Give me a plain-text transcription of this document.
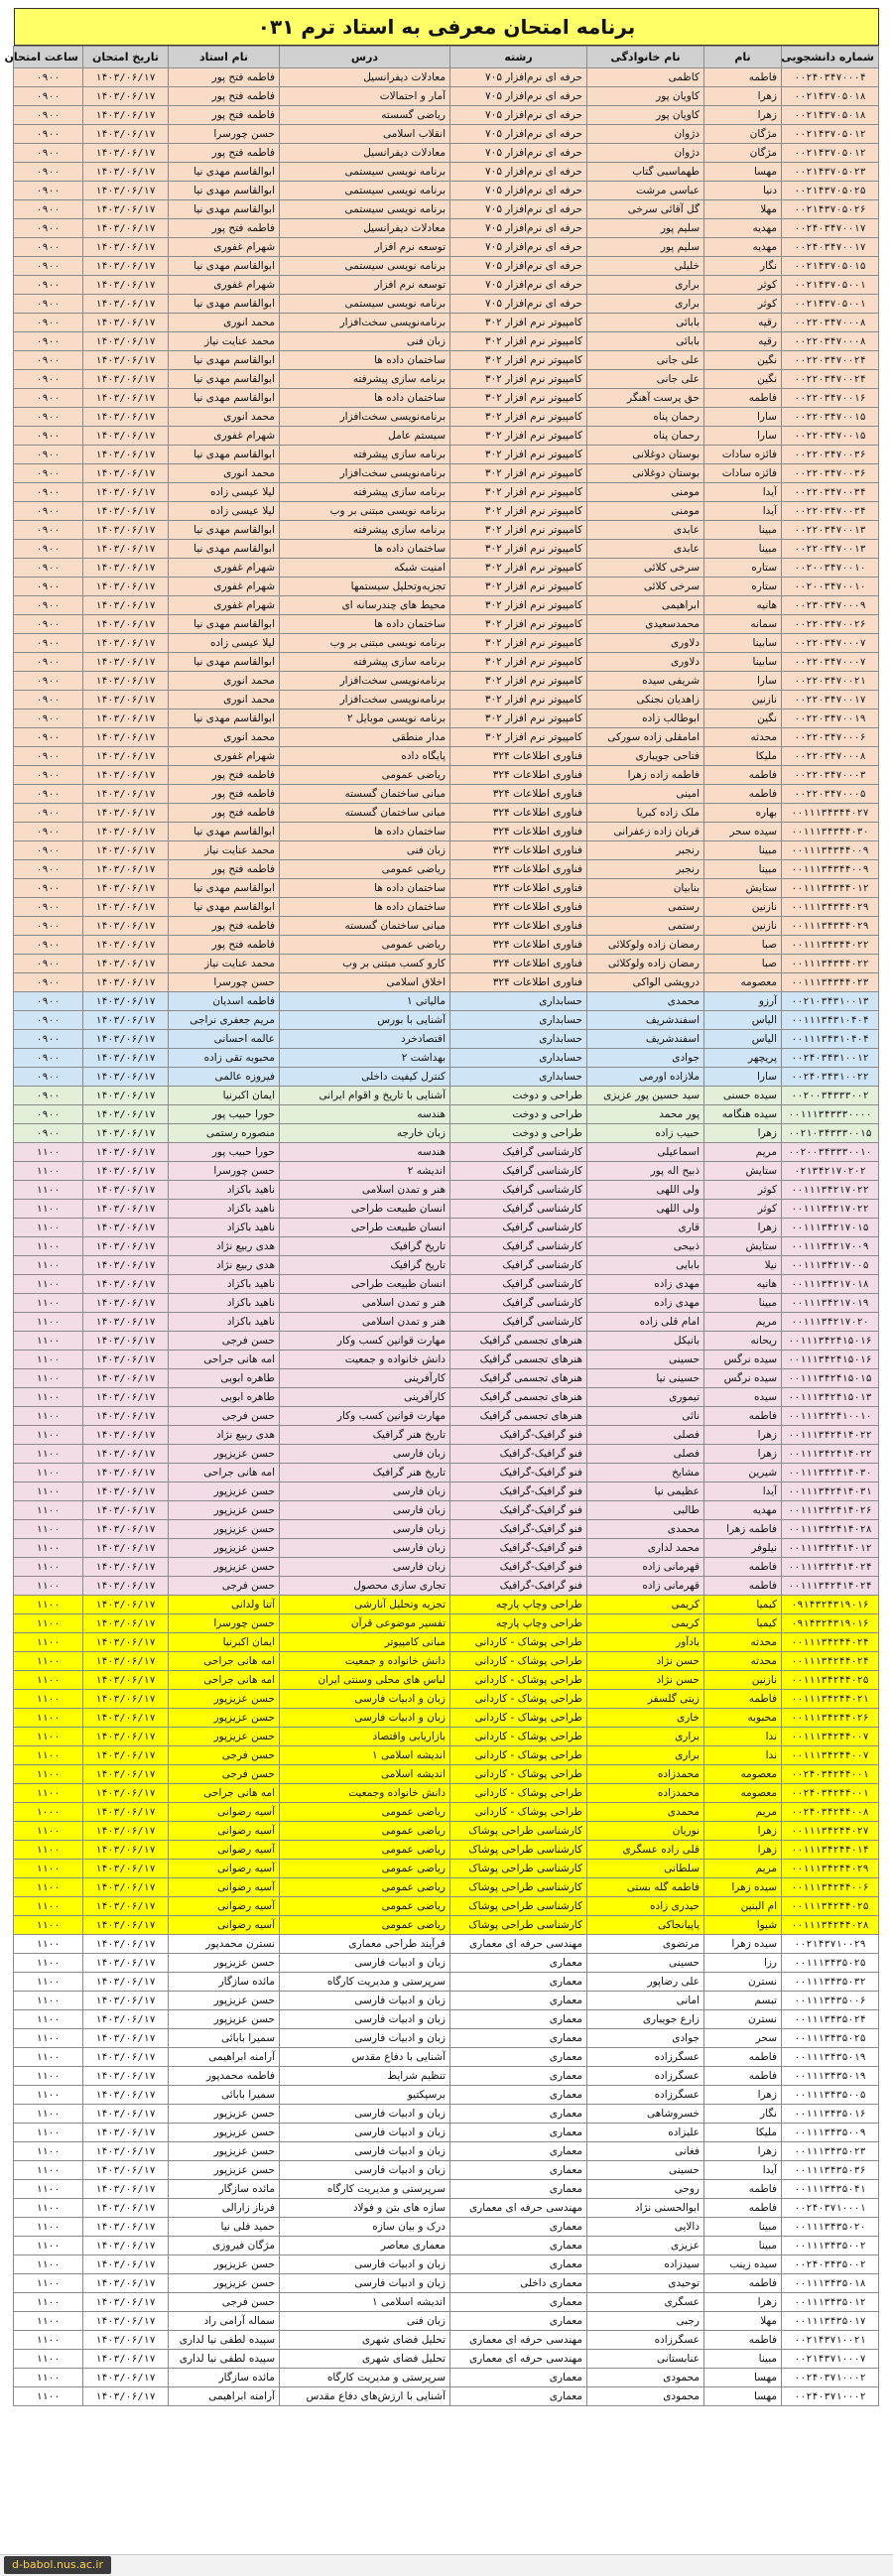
برنامه امتحان معرفی به استاد ترم ۰۳۱
شماره دانشجویی	نام	نام خانوادگی	رشته	درس	نام استاد	تاریخ امتحان	ساعت امتحان
۰۰۲۴۰۳۴۷۰۰۰۴	فاطمه	کاظمی	حرفه ای نرم‌افزار ۷۰۵	معادلات دیفرانسیل	فاطمه فتح پور	۱۴۰۳/۰۶/۱۷	۰۹۰۰
۰۰۲۱۴۳۷۰۵۰۱۸	زهرا	کاویان پور	حرفه ای نرم‌افزار ۷۰۵	آمار و احتمالات	فاطمه فتح پور	۱۴۰۳/۰۶/۱۷	۰۹۰۰
۰۰۲۱۴۳۷۰۵۰۱۸	زهرا	کاویان پور	حرفه ای نرم‌افزار ۷۰۵	ریاضی گسسته	فاطمه فتح پور	۱۴۰۳/۰۶/۱۷	۰۹۰۰
۰۰۲۱۴۳۷۰۵۰۱۲	مژگان	دژوان	حرفه ای نرم‌افزار ۷۰۵	انقلاب اسلامی	حسن چورسرا	۱۴۰۳/۰۶/۱۷	۰۹۰۰
۰۰۲۱۴۳۷۰۵۰۱۲	مژگان	دژوان	حرفه ای نرم‌افزار ۷۰۵	معادلات دیفرانسیل	فاطمه فتح پور	۱۴۰۳/۰۶/۱۷	۰۹۰۰
۰۰۲۱۴۳۷۰۵۰۲۳	مهسا	طهماسبی گتاب	حرفه ای نرم‌افزار ۷۰۵	برنامه نویسی سیستمی	ابوالقاسم مهدی نیا	۱۴۰۳/۰۶/۱۷	۰۹۰۰
۰۰۲۱۴۳۷۰۵۰۲۵	دنیا	عباسی مرشت	حرفه ای نرم‌افزار ۷۰۵	برنامه نویسی سیستمی	ابوالقاسم مهدی نیا	۱۴۰۳/۰۶/۱۷	۰۹۰۰
۰۰۲۱۴۳۷۰۵۰۲۶	مهلا	گل آقائی سرخی	حرفه ای نرم‌افزار ۷۰۵	برنامه نویسی سیستمی	ابوالقاسم مهدی نیا	۱۴۰۳/۰۶/۱۷	۰۹۰۰
۰۰۲۴۰۳۴۷۰۰۱۷	مهدیه	سلیم پور	حرفه ای نرم‌افزار ۷۰۵	معادلات دیفرانسیل	فاطمه فتح پور	۱۴۰۳/۰۶/۱۷	۰۹۰۰
۰۰۲۴۰۳۴۷۰۰۱۷	مهدیه	سلیم پور	حرفه ای نرم‌افزار ۷۰۵	توسعه نرم افزار	شهرام غفوری	۱۴۰۳/۰۶/۱۷	۰۹۰۰
۰۰۲۱۴۳۷۰۵۰۱۵	نگار	خلیلی	حرفه ای نرم‌افزار ۷۰۵	برنامه نویسی سیستمی	ابوالقاسم مهدی نیا	۱۴۰۳/۰۶/۱۷	۰۹۰۰
۰۰۲۱۴۳۷۰۵۰۰۱	کوثر	براری	حرفه ای نرم‌افزار ۷۰۵	توسعه نرم افزار	شهرام غفوری	۱۴۰۳/۰۶/۱۷	۰۹۰۰
۰۰۲۱۴۳۷۰۵۰۰۱	کوثر	براری	حرفه ای نرم‌افزار ۷۰۵	برنامه نویسی سیستمی	ابوالقاسم مهدی نیا	۱۴۰۳/۰۶/۱۷	۰۹۰۰
۰۰۲۲۰۳۴۷۰۰۰۸	رقیه	بابائی	کامپیوتر نرم افزار ۳۰۲	برنامه‌نویسی سخت‌افزار	محمد انوری	۱۴۰۳/۰۶/۱۷	۰۹۰۰
۰۰۲۲۰۳۴۷۰۰۰۸	رقیه	بابائی	کامپیوتر نرم افزار ۳۰۲	زبان فنی	محمد عنایت نیاز	۱۴۰۳/۰۶/۱۷	۰۹۰۰
۰۰۲۲۰۳۴۷۰۰۲۴	نگین	علی جانی	کامپیوتر نرم افزار ۳۰۲	ساختمان داده ها	ابوالقاسم مهدی نیا	۱۴۰۳/۰۶/۱۷	۰۹۰۰
۰۰۲۲۰۳۴۷۰۰۲۴	نگین	علی جانی	کامپیوتر نرم افزار ۳۰۲	برنامه سازی پیشرفته	ابوالقاسم مهدی نیا	۱۴۰۳/۰۶/۱۷	۰۹۰۰
۰۰۲۲۰۳۴۷۰۰۱۶	فاطمه	حق پرست آهنگر	کامپیوتر نرم افزار ۳۰۲	ساختمان داده ها	ابوالقاسم مهدی نیا	۱۴۰۳/۰۶/۱۷	۰۹۰۰
۰۰۲۲۰۳۴۷۰۰۱۵	سارا	رحمان پناه	کامپیوتر نرم افزار ۳۰۲	برنامه‌نویسی سخت‌افزار	محمد انوری	۱۴۰۳/۰۶/۱۷	۰۹۰۰
۰۰۲۲۰۳۴۷۰۰۱۵	سارا	رحمان پناه	کامپیوتر نرم افزار ۳۰۲	سیستم عامل	شهرام غفوری	۱۴۰۳/۰۶/۱۷	۰۹۰۰
۰۰۲۲۰۳۴۷۰۰۳۶	فائزه سادات	بوستان دوغلانی	کامپیوتر نرم افزار ۳۰۲	برنامه سازی پیشرفته	ابوالقاسم مهدی نیا	۱۴۰۳/۰۶/۱۷	۰۹۰۰
۰۰۲۲۰۳۴۷۰۰۳۶	فائزه سادات	بوستان دوغلانی	کامپیوتر نرم افزار ۳۰۲	برنامه‌نویسی سخت‌افزار	محمد انوری	۱۴۰۳/۰۶/۱۷	۰۹۰۰
۰۰۲۲۰۳۴۷۰۰۳۴	آیدا	مومنی	کامپیوتر نرم افزار ۳۰۲	برنامه سازی پیشرفته	لیلا عیسی زاده	۱۴۰۳/۰۶/۱۷	۰۹۰۰
۰۰۲۲۰۳۴۷۰۰۳۴	آیدا	مومنی	کامپیوتر نرم افزار ۳۰۲	برنامه نویسی مبتنی بر وب	لیلا عیسی زاده	۱۴۰۳/۰۶/۱۷	۰۹۰۰
۰۰۲۲۰۳۴۷۰۰۱۳	مبینا	عابدی	کامپیوتر نرم افزار ۳۰۲	برنامه سازی پیشرفته	ابوالقاسم مهدی نیا	۱۴۰۳/۰۶/۱۷	۰۹۰۰
۰۰۲۲۰۳۴۷۰۰۱۳	مبینا	عابدی	کامپیوتر نرم افزار ۳۰۲	ساختمان داده ها	ابوالقاسم مهدی نیا	۱۴۰۳/۰۶/۱۷	۰۹۰۰
۰۰۲۰۰۳۴۷۰۰۱۰	ستاره	سرخی کلائی	کامپیوتر نرم افزار ۳۰۲	امنیت شبکه	شهرام غفوری	۱۴۰۳/۰۶/۱۷	۰۹۰۰
۰۰۲۰۰۳۴۷۰۰۱۰	ستاره	سرخی کلائی	کامپیوتر نرم افزار ۳۰۲	تجزیه‌وتحلیل سیستمها	شهرام غفوری	۱۴۰۳/۰۶/۱۷	۰۹۰۰
۰۰۲۳۰۳۴۷۰۰۰۹	هانیه	ابراهیمی	کامپیوتر نرم افزار ۳۰۲	محیط های چندرسانه ای	شهرام غفوری	۱۴۰۳/۰۶/۱۷	۰۹۰۰
۰۰۲۲۰۳۴۷۰۰۲۶	سمانه	محمدسعیدی	کامپیوتر نرم افزار ۳۰۲	ساختمان داده ها	ابوالقاسم مهدی نیا	۱۴۰۳/۰۶/۱۷	۰۹۰۰
۰۰۲۲۰۳۴۷۰۰۰۷	سابینا	دلاوری	کامپیوتر نرم افزار ۳۰۲	برنامه نویسی مبتنی بر وب	لیلا عیسی زاده	۱۴۰۳/۰۶/۱۷	۰۹۰۰
۰۰۲۲۰۳۴۷۰۰۰۷	سابینا	دلاوری	کامپیوتر نرم افزار ۳۰۲	برنامه سازی پیشرفته	ابوالقاسم مهدی نیا	۱۴۰۳/۰۶/۱۷	۰۹۰۰
۰۰۲۲۰۳۴۷۰۰۲۱	سارا	شریفی سیده	کامپیوتر نرم افزار ۳۰۲	برنامه‌نویسی سخت‌افزار	محمد انوری	۱۴۰۳/۰۶/۱۷	۰۹۰۰
۰۰۲۲۰۳۴۷۰۰۱۷	نازنین	زاهدیان نجنکی	کامپیوتر نرم افزار ۳۰۲	برنامه‌نویسی سخت‌افزار	محمد انوری	۱۴۰۳/۰۶/۱۷	۰۹۰۰
۰۰۲۲۰۳۴۷۰۰۱۹	نگین	ابوطالب زاده	کامپیوتر نرم افزار ۳۰۲	برنامه نویسی موبایل ۲	ابوالقاسم مهدی نیا	۱۴۰۳/۰۶/۱۷	۰۹۰۰
۰۰۲۲۰۳۴۷۰۰۰۶	محدثه	امامقلی زاده سورکی	کامپیوتر نرم افزار ۳۰۲	مدار منطقی	محمد انوری	۱۴۰۳/۰۶/۱۷	۰۹۰۰
۰۰۲۲۰۳۴۷۰۰۰۸	ملیکا	فتاحی جویباری	فناوری اطلاعات ۳۲۴	پایگاه داده	شهرام غفوری	۱۴۰۳/۰۶/۱۷	۰۹۰۰
۰۰۲۲۰۳۴۷۰۰۰۳	فاطمه	فاطمه زاده زهرا	فناوری اطلاعات ۳۲۴	ریاضی عمومی	فاطمه فتح پور	۱۴۰۳/۰۶/۱۷	۰۹۰۰
۰۰۲۲۰۳۴۷۰۰۰۵	فاطمه	امینی	فناوری اطلاعات ۳۲۴	مبانی ساختمان گسسته	فاطمه فتح پور	۱۴۰۳/۰۶/۱۷	۰۹۰۰
۰۰۱۱۱۳۴۳۴۴۰۲۷	بهاره	ملک زاده کبریا	فناوری اطلاعات ۳۲۴	مبانی ساختمان گسسته	فاطمه فتح پور	۱۴۰۳/۰۶/۱۷	۰۹۰۰
۰۰۱۱۱۳۴۳۴۴۰۳۰	سیده سحر	قربان زاده زعفرانی	فناوری اطلاعات ۳۲۴	ساختمان داده ها	ابوالقاسم مهدی نیا	۱۴۰۳/۰۶/۱۷	۰۹۰۰
۰۰۱۱۱۳۴۳۴۴۰۰۹	مبینا	رنجبر	فناوری اطلاعات ۳۲۴	زبان فنی	محمد عنایت نیاز	۱۴۰۳/۰۶/۱۷	۰۹۰۰
۰۰۱۱۱۳۴۳۴۴۰۰۹	مبینا	رنجبر	فناوری اطلاعات ۳۲۴	ریاضی عمومی	فاطمه فتح پور	۱۴۰۳/۰۶/۱۷	۰۹۰۰
۰۰۱۱۱۳۴۳۴۴۰۱۲	ستایش	بنابیان	فناوری اطلاعات ۳۲۴	ساختمان داده ها	ابوالقاسم مهدی نیا	۱۴۰۳/۰۶/۱۷	۰۹۰۰
۰۰۱۱۱۳۴۳۴۴۰۲۹	نازنین	رستمی	فناوری اطلاعات ۳۲۴	ساختمان داده ها	ابوالقاسم مهدی نیا	۱۴۰۳/۰۶/۱۷	۰۹۰۰
۰۰۱۱۱۳۴۳۴۴۰۲۹	نازنین	رستمی	فناوری اطلاعات ۳۲۴	مبانی ساختمان گسسته	فاطمه فتح پور	۱۴۰۳/۰۶/۱۷	۰۹۰۰
۰۰۱۱۱۳۴۳۴۴۰۲۲	صبا	رمضان زاده ولوکلائی	فناوری اطلاعات ۳۲۴	ریاضی عمومی	فاطمه فتح پور	۱۴۰۳/۰۶/۱۷	۰۹۰۰
۰۰۱۱۱۳۴۳۴۴۰۲۲	صبا	رمضان زاده ولوکلائی	فناوری اطلاعات ۳۲۴	کارو کسب مبتنی بر وب	محمد عنایت نیاز	۱۴۰۳/۰۶/۱۷	۰۹۰۰
۰۰۱۱۱۳۴۳۴۴۰۲۳	معصومه	درویشی الواکی	فناوری اطلاعات ۳۲۴	اخلاق اسلامی	حسن چورسرا	۱۴۰۳/۰۶/۱۷	۰۹۰۰
۰۰۲۱۰۳۴۳۱۰۰۱۳	آرزو	محمدی	حسابداری	مالیاتی ۱	فاطمه اسدیان	۱۴۰۳/۰۶/۱۷	۰۹۰۰
۰۰۱۱۱۳۴۳۱۰۴۰۴	الیاس	اسفندشریف	حسابداری	آشنایی با بورس	مریم جعفری نراجی	۱۴۰۳/۰۶/۱۷	۰۹۰۰
۰۰۱۱۱۳۴۳۱۰۴۰۴	الیاس	اسفندشریف	حسابداری	اقتصادخرد	عالمه احسانی	۱۴۰۳/۰۶/۱۷	۰۹۰۰
۰۰۲۴۰۳۴۳۱۰۰۱۲	پریچهر	جوادی	حسابداری	بهداشت ۲	محبوبه تقی زاده	۱۴۰۳/۰۶/۱۷	۰۹۰۰
۰۰۲۴۰۳۴۳۱۰۰۲۲	سارا	ملازاده اورمی	حسابداری	کنترل کیفیت داخلی	فیروزه عالمی	۱۴۰۳/۰۶/۱۷	۰۹۰۰
۰۰۲۰۰۳۴۳۳۳۰۰۲	سیده حسنی	سید حسین پور عزیزی	طراحی و دوخت	آشنایی با تاریخ و اقوام ایرانی	ایمان اکبرنیا	۱۴۰۳/۰۶/۱۷	۰۹۰۰
۰۰۱۱۱۳۴۳۳۳۰۰۰۰	سیده هنگامه	پور محمد	طراحی و دوخت	هندسه	حورا حبیب پور	۱۴۰۳/۰۶/۱۷	۰۹۰۰
۰۰۲۱۰۳۴۳۳۳۰۰۱۵	زهرا	حبیب زاده	طراحی و دوخت	زبان خارجه	منصوره رستمی	۱۴۰۳/۰۶/۱۷	۰۹۰۰
۰۰۲۰۰۳۴۳۳۳۰۰۱۰	مریم	اسماعیلی	کارشناسی گرافیک	هندسه	حورا حبیب پور	۱۴۰۳/۰۶/۱۷	۱۱۰۰
۰۲۱۳۴۲۱۷۰۲۰۲	ستایش	ذبیح اله پور	کارشناسی گرافیک	اندیشه ۲	حسن چورسرا	۱۴۰۳/۰۶/۱۷	۱۱۰۰
۰۰۱۱۱۳۴۲۱۷۰۲۲	کوثر	ولی اللهی	کارشناسی گرافیک	هنر و تمدن اسلامی	ناهید باکزاد	۱۴۰۳/۰۶/۱۷	۱۱۰۰
۰۰۱۱۱۳۴۲۱۷۰۲۲	کوثر	ولی اللهی	کارشناسی گرافیک	انسان طبیعت طراحی	ناهید باکزاد	۱۴۰۳/۰۶/۱۷	۱۱۰۰
۰۰۱۱۱۳۴۲۱۷۰۱۵	زهرا	قاری	کارشناسی گرافیک	انسان طبیعت طراحی	ناهید باکزاد	۱۴۰۳/۰۶/۱۷	۱۱۰۰
۰۰۱۱۱۳۴۲۱۷۰۰۹	ستایش	ذبیحی	کارشناسی گرافیک	تاریخ گرافیک	هدی ربیع نژاد	۱۴۰۳/۰۶/۱۷	۱۱۰۰
۰۰۱۱۱۳۴۲۱۷۰۰۵	نیلا	بابایی	کارشناسی گرافیک	تاریخ گرافیک	هدی ربیع نژاد	۱۴۰۳/۰۶/۱۷	۱۱۰۰
۰۰۱۱۱۳۴۲۱۷۰۱۸	هانیه	مهدی زاده	کارشناسی گرافیک	انسان طبیعت طراحی	ناهید باکزاد	۱۴۰۳/۰۶/۱۷	۱۱۰۰
۰۰۱۱۱۳۴۲۱۷۰۱۹	مبینا	مهدی زاده	کارشناسی گرافیک	هنر و تمدن اسلامی	ناهید باکزاد	۱۴۰۳/۰۶/۱۷	۱۱۰۰
۰۰۱۱۱۳۴۲۱۷۰۲۰	مریم	امام قلی زاده	کارشناسی گرافیک	هنر و تمدن اسلامی	ناهید باکزاد	۱۴۰۳/۰۶/۱۷	۱۱۰۰
۰۰۱۱۱۳۴۲۴۱۵۰۱۶	ریحانه	بانیکل	هنرهای تجسمی گرافیک	مهارت قوانین کسب وکار	حسن فرجی	۱۴۰۳/۰۶/۱۷	۱۱۰۰
۰۰۱۱۱۳۴۲۴۱۵۰۱۶	سیده نرگس	حسینی	هنرهای تجسمی گرافیک	دانش خانواده و جمعیت	امه هانی جراحی	۱۴۰۳/۰۶/۱۷	۱۱۰۰
۰۰۱۱۱۳۴۲۴۱۵۰۱۵	سیده نرگس	حسینی نیا	هنرهای تجسمی گرافیک	کارآفرینی	طاهره ابوبی	۱۴۰۳/۰۶/۱۷	۱۱۰۰
۰۰۱۱۱۳۴۲۴۱۵۰۱۳	سیده	تیموری	هنرهای تجسمی گرافیک	کارآفرینی	طاهره ابوبی	۱۴۰۳/۰۶/۱۷	۱۱۰۰
۰۰۱۱۱۳۴۲۴۱۰۰۱۰	فاطمه	نائی	هنرهای تجسمی گرافیک	مهارت قوانین کسب وکار	حسن فرجی	۱۴۰۳/۰۶/۱۷	۱۱۰۰
۰۰۱۱۱۳۴۲۴۱۴۰۲۲	زهرا	فصلی	فنو گرافیک-گرافیک	تاریخ هنر گرافیک	هدی ربیع نژاد	۱۴۰۳/۰۶/۱۷	۱۱۰۰
۰۰۱۱۱۳۴۲۴۱۴۰۲۲	زهرا	فصلی	فنو گرافیک-گرافیک	زبان فارسی	حسن عزیزپور	۱۴۰۳/۰۶/۱۷	۱۱۰۰
۰۰۱۱۱۳۴۲۴۱۴۰۳۰	شیرین	مشایخ	فنو گرافیک-گرافیک	تاریخ هنر گرافیک	امه هانی جراحی	۱۴۰۳/۰۶/۱۷	۱۱۰۰
۰۰۱۱۱۳۴۲۴۱۴۰۳۱	آیدا	عظیمی نیا	فنو گرافیک-گرافیک	زبان فارسی	حسن عزیزپور	۱۴۰۳/۰۶/۱۷	۱۱۰۰
۰۰۱۱۱۳۴۲۴۱۴۰۲۶	مهدیه	طالبی	فنو گرافیک-گرافیک	زبان فارسی	حسن عزیزپور	۱۴۰۳/۰۶/۱۷	۱۱۰۰
۰۰۱۱۱۳۴۲۴۱۴۰۲۸	فاطمه زهرا	محمدی	فنو گرافیک-گرافیک	زبان فارسی	حسن عزیزپور	۱۴۰۳/۰۶/۱۷	۱۱۰۰
۰۰۱۱۱۳۴۲۴۱۴۰۱۲	نیلوفر	محمد لداری	فنو گرافیک-گرافیک	زبان فارسی	حسن عزیزپور	۱۴۰۳/۰۶/۱۷	۱۱۰۰
۰۰۱۱۱۳۴۲۴۱۴۰۲۴	فاطمه	قهرمانی زاده	فنو گرافیک-گرافیک	زبان فارسی	حسن عزیزپور	۱۴۰۳/۰۶/۱۷	۱۱۰۰
۰۰۱۱۱۳۴۲۴۱۴۰۲۴	فاطمه	قهرمانی زاده	فنو گرافیک-گرافیک	تجاری سازی محصول	حسن فرجی	۱۴۰۳/۰۶/۱۷	۱۱۰۰
۰۹۱۴۳۲۴۳۱۹۰۱۶	کیمیا	کریمی	طراحی وچاپ پارچه	تجزیه وتحلیل آنارشی	آتنا ولدانی	۱۴۰۳/۰۶/۱۷	۱۱۰۰
۰۹۱۴۳۲۴۳۱۹۰۱۶	کیمیا	کریمی	طراحی وچاپ پارچه	تفسیر موضوعی قرآن	حسن چورسرا	۱۴۰۳/۰۶/۱۷	۱۱۰۰
۰۰۱۱۱۳۴۲۴۴۰۲۴	محدثه	یادآور	طراحی پوشاک - کاردانی	مبانی کامپیوتر	ایمان اکبرنیا	۱۴۰۳/۰۶/۱۷	۱۱۰۰
۰۰۱۱۱۳۴۲۴۴۰۲۴	محدثه	حسن نژاد	طراحی پوشاک - کاردانی	دانش خانواده و جمعیت	امه هانی جراحی	۱۴۰۳/۰۶/۱۷	۱۱۰۰
۰۰۱۱۱۳۴۲۴۴۰۲۵	نازنین	حسن نژاد	طراحی پوشاک - کاردانی	لباس های محلی وسنتی ایران	امه هانی جراحی	۱۴۰۳/۰۶/۱۷	۱۱۰۰
۰۰۱۱۱۳۴۲۴۴۰۲۱	فاطمه	زیتی گلسفر	طراحی پوشاک - کاردانی	زبان و ادبیات فارسی	حسن عزیزپور	۱۴۰۳/۰۶/۱۷	۱۱۰۰
۰۰۱۱۱۳۴۲۴۴۰۲۶	محبوبه	خاری	طراحی پوشاک - کاردانی	زبان و ادبیات فارسی	حسن عزیزپور	۱۴۰۳/۰۶/۱۷	۱۱۰۰
۰۰۱۱۱۳۴۲۴۴۰۰۷	ندا	براری	طراحی پوشاک - کاردانی	بازاریابی واقتصاد	حسن عزیزپور	۱۴۰۳/۰۶/۱۷	۱۱۰۰
۰۰۱۱۱۳۴۲۴۴۰۰۷	ندا	براری	طراحی پوشاک - کاردانی	اندیشه اسلامی ۱	حسن فرجی	۱۴۰۳/۰۶/۱۷	۱۱۰۰
۰۰۲۴۰۳۴۲۴۴۰۰۱	معصومه	محمدزاده	طراحی پوشاک - کاردانی	اندیشه اسلامی	حسن فرجی	۱۴۰۳/۰۶/۱۷	۱۱۰۰
۰۰۲۴۰۳۴۲۴۴۰۰۱	معصومه	محمدزاده	طراحی پوشاک - کاردانی	دانش خانواده وجمعیت	امه هانی جراحی	۱۴۰۳/۰۶/۱۷	۱۱۰۰
۰۰۲۴۰۳۴۲۴۴۰۰۸	مریم	محمدی	طراحی پوشاک - کاردانی	ریاضی عمومی	آسیه رضوانی	۱۴۰۳/۰۶/۱۷	۱۰۰۰
۰۰۱۱۱۳۴۲۴۴۰۲۷	زهرا	نوریان	کارشناسی طراحی پوشاک	ریاضی عمومی	آسیه رضوانی	۱۴۰۳/۰۶/۱۷	۱۱۰۰
۰۰۱۱۱۳۴۲۴۴۰۱۴	زهرا	قلی زاده عسگری	کارشناسی طراحی پوشاک	ریاضی عمومی	آسیه رضوانی	۱۴۰۳/۰۶/۱۷	۱۱۰۰
۰۰۱۱۱۳۴۲۴۴۰۲۹	مریم	سلطانی	کارشناسی طراحی پوشاک	ریاضی عمومی	آسیه رضوانی	۱۴۰۳/۰۶/۱۷	۱۱۰۰
۰۰۱۱۱۳۴۲۴۴۰۰۶	سیده زهرا	فاطمه گله بستی	کارشناسی طراحی پوشاک	ریاضی عمومی	آسیه رضوانی	۱۴۰۳/۰۶/۱۷	۱۱۰۰
۰۰۱۱۱۳۴۲۴۴۰۲۵	ام البنین	حیدری زاده	کارشناسی طراحی پوشاک	ریاضی عمومی	آسیه رضوانی	۱۴۰۳/۰۶/۱۷	۱۱۰۰
۰۰۱۱۱۳۴۲۴۴۰۲۸	شیوا	پاپیانجاکی	کارشناسی طراحی پوشاک	ریاضی عمومی	آسیه رضوانی	۱۴۰۳/۰۶/۱۷	۱۱۰۰
۰۰۲۱۴۳۷۱۰۰۲۹	سیده زهرا	مرتضوی	مهندسی حرفه ای معماری	فرآیند طراحی معماری	نسترن محمدپور	۱۴۰۳/۰۶/۱۷	۱۱۰۰
۰۰۱۱۱۳۴۳۵۰۲۵	رزا	حسینی	معماری	زبان و ادبیات فارسی	حسن عزیزپور	۱۴۰۳/۰۶/۱۷	۱۱۰۰
۰۰۱۱۱۳۴۳۵۰۳۲	نسترن	علی رضاپور	معماری	سرپرستی و مدیریت کارگاه	مائده سازگار	۱۴۰۳/۰۶/۱۷	۱۱۰۰
۰۰۱۱۱۳۴۳۵۰۰۶	تبسم	امانی	معماری	زبان و ادبیات فارسی	حسن عزیزپور	۱۴۰۳/۰۶/۱۷	۱۱۰۰
۰۰۱۱۱۳۴۳۵۰۲۴	نسترن	زارع جویباری	معماری	زبان و ادبیات فارسی	حسن عزیزپور	۱۴۰۳/۰۶/۱۷	۱۱۰۰
۰۰۱۱۱۳۴۳۵۰۲۵	سحر	جوادی	معماری	زبان و ادبیات فارسی	سمیرا بابائی	۱۴۰۳/۰۶/۱۷	۱۱۰۰
۰۰۱۱۱۳۴۳۵۰۱۹	فاطمه	عسگرزاده	معماری	آشنایی با دفاع مقدس	آرامنه ابراهیمی	۱۴۰۳/۰۶/۱۷	۱۱۰۰
۰۰۱۱۱۳۴۳۵۰۱۹	فاطمه	عسگرزاده	معماری	تنظیم شرایط	فاطمه محمدپور	۱۴۰۳/۰۶/۱۷	۱۱۰۰
۰۰۱۱۱۳۴۳۵۰۰۵	زهرا	عسگرزاده	معماری	برسپکتیو	سمیرا بابائی	۱۴۰۳/۰۶/۱۷	۱۱۰۰
۰۰۱۱۱۳۴۳۵۰۱۶	نگار	خسروشاهی	معماری	زبان و ادبیات فارسی	حسن عزیزپور	۱۴۰۳/۰۶/۱۷	۱۱۰۰
۰۰۱۱۱۳۴۳۵۰۰۹	ملیکا	علیزاده	معماری	زبان و ادبیات فارسی	حسن عزیزپور	۱۴۰۳/۰۶/۱۷	۱۱۰۰
۰۰۱۱۱۳۴۳۵۰۲۳	زهرا	فغانی	معماری	زبان و ادبیات فارسی	حسن عزیزپور	۱۴۰۳/۰۶/۱۷	۱۱۰۰
۰۰۱۱۱۳۴۳۵۰۳۶	آیدا	حسینی	معماری	زبان و ادبیات فارسی	حسن عزیزپور	۱۴۰۳/۰۶/۱۷	۱۱۰۰
۰۰۱۱۱۳۴۳۵۰۴۱	فاطمه	روحی	معماری	سرپرستی و مدیریت کارگاه	مائده سازگار	۱۴۰۳/۰۶/۱۷	۱۱۰۰
۰۰۲۴۰۳۷۱۰۰۰۱	فاطمه	ابوالحسنی نژاد	مهندسی حرفه ای معماری	سازه های بتن و فولاد	فرناز زارالی	۱۴۰۳/۰۶/۱۷	۱۱۰۰
۰۰۱۱۱۳۴۳۵۰۲۰	مبینا	دالایی	معماری	درک و بیان سازه	حمید فلی نیا	۱۴۰۳/۰۶/۱۷	۱۱۰۰
۰۰۱۱۱۳۴۳۵۰۰۲	مبینا	عزیزی	معماری	معماری معاصر	مژگان فیروزی	۱۴۰۳/۰۶/۱۷	۱۱۰۰
۰۰۲۴۰۳۴۳۵۰۰۲	سیده زینب	سیدزاده	معماری	زبان و ادبیات فارسی	حسن عزیزپور	۱۴۰۳/۰۶/۱۷	۱۱۰۰
۰۰۱۱۱۳۴۳۵۰۱۸	فاطمه	توحیدی	معماری داخلی	زبان و ادبیات فارسی	حسن عزیزپور	۱۴۰۳/۰۶/۱۷	۱۱۰۰
۰۰۱۱۱۳۴۳۵۰۱۲	زهرا	عسگری	معماری	اندیشه اسلامی ۱	حسن فرجی	۱۴۰۳/۰۶/۱۷	۱۱۰۰
۰۰۱۱۱۳۴۳۵۰۱۷	مهلا	رجبی	معماری	زبان فنی	سماله آرامی راد	۱۴۰۳/۰۶/۱۷	۱۱۰۰
۰۰۲۱۴۳۷۱۰۰۲۱	فاطمه	عسگرزاده	مهندسی حرفه ای معماری	تحلیل فضای شهری	سپیده لطفی نیا لداری	۱۴۰۳/۰۶/۱۷	۱۱۰۰
۰۰۲۱۴۳۷۱۰۰۰۷	مبینا	عنابستانی	مهندسی حرفه ای معماری	تحلیل فضای شهری	سپیده لطفی نیا لداری	۱۴۰۳/۰۶/۱۷	۱۱۰۰
۰۰۲۴۰۳۷۱۰۰۰۲	مهسا	محمودی	معماری	سرپرستی و مدیریت کارگاه	مائده سازگار	۱۴۰۳/۰۶/۱۷	۱۱۰۰
۰۰۲۴۰۳۷۱۰۰۰۲	مهسا	محمودی	معماری	آشنایی با ارزش‌های دفاع مقدس	آرامنه ابراهیمی	۱۴۰۳/۰۶/۱۷	۱۱۰۰
d-babol.nus.ac.ir
